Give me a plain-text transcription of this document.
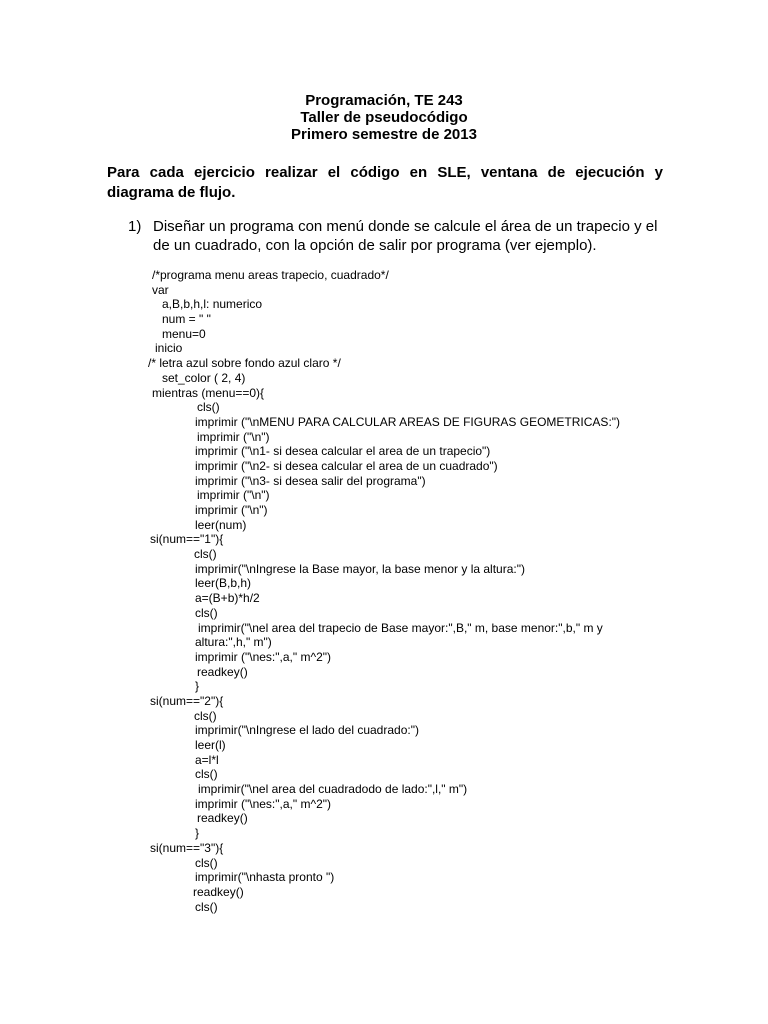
Programación, TE 243
Taller de pseudocódigo
Primero semestre de 2013
Para cada ejercicio realizar el código en SLE, ventana de ejecución y diagrama de flujo.
1) Diseñar un programa con menú donde se calcule el área de un trapecio y el de un cuadrado, con la opción de salir por programa (ver ejemplo).
/*programa menu areas trapecio, cuadrado*/
var
a,B,b,h,l: numerico
num = " "
menu=0
inicio
/* letra azul sobre fondo azul claro */
set_color ( 2, 4)
mientras (menu==0){
cls()
imprimir ("\nMENU PARA CALCULAR AREAS DE FIGURAS GEOMETRICAS:")
imprimir ("\n")
imprimir ("\n1- si desea calcular el area de un trapecio")
imprimir ("\n2- si desea calcular el area de un cuadrado")
imprimir ("\n3- si desea salir del programa")
imprimir ("\n")
imprimir ("\n")
leer(num)
si(num=="1"){
cls()
imprimir("\nIngrese la Base mayor, la base menor y la altura:")
leer(B,b,h)
a=(B+b)*h/2
cls()
imprimir("\nel area del trapecio de Base mayor:",B," m, base menor:",b," m y
altura:",h," m")
imprimir ("\nes:",a," m^2")
readkey()
}
si(num=="2"){
cls()
imprimir("\nIngrese el lado del cuadrado:")
leer(l)
a=l*l
cls()
imprimir("\nel area del cuadradodo de lado:",l," m")
imprimir ("\nes:",a," m^2")
readkey()
}
si(num=="3"){
cls()
imprimir("\nhasta pronto ")
readkey()
cls()
